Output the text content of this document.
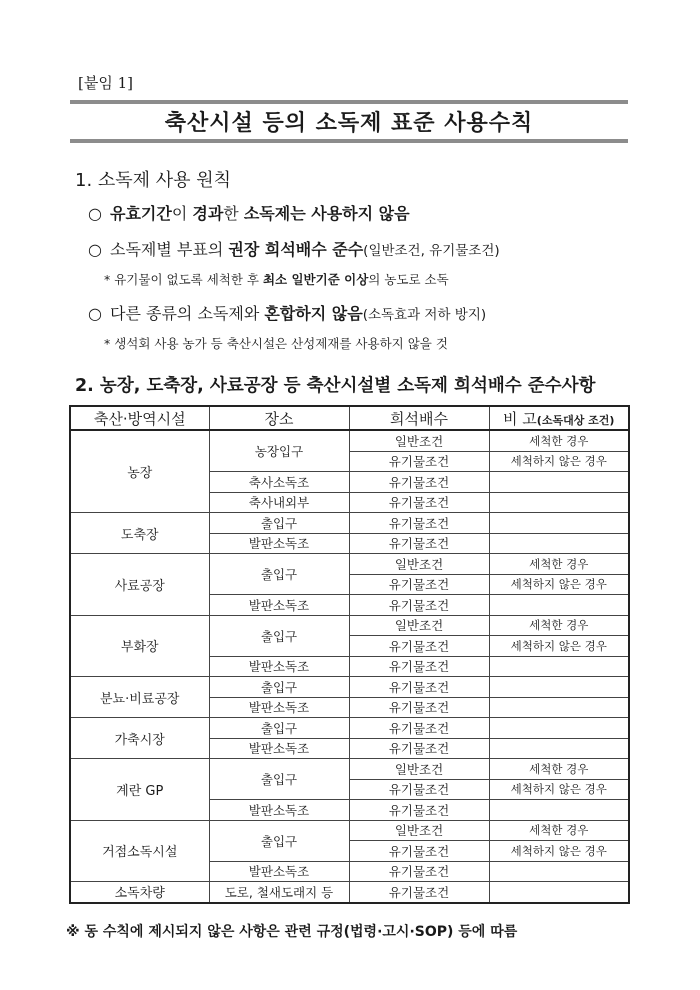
[붙임 1]
축산시설 등의 소독제 표준 사용수칙
1. 소독제 사용 원칙
○ 유효기간이 경과한 소독제는 사용하지 않음
○ 소독제별 부표의 권장 희석배수 준수(일반조건, 유기물조건)
* 유기물이 없도록 세척한 후 최소 일반기준 이상의 농도로 소독
○ 다른 종류의 소독제와 혼합하지 않음(소독효과 저하 방지)
* 생석회 사용 농가 등 축산시설은 산성제재를 사용하지 않을 것
2. 농장, 도축장, 사료공장 등 축산시설별 소독제 희석배수 준수사항
축산·방역시설	장소	희석배수	비 고(소독대상 조건)
농장	농장입구	일반조건	세척한 경우
		유기물조건	세척하지 않은 경우
	축사소독조	유기물조건	
	축사내외부	유기물조건	
도축장	출입구	유기물조건	
	발판소독조	유기물조건	
사료공장	출입구	일반조건	세척한 경우
		유기물조건	세척하지 않은 경우
	발판소독조	유기물조건	
부화장	출입구	일반조건	세척한 경우
		유기물조건	세척하지 않은 경우
	발판소독조	유기물조건	
분뇨·비료공장	출입구	유기물조건	
	발판소독조	유기물조건	
가축시장	출입구	유기물조건	
	발판소독조	유기물조건	
계란 GP	출입구	일반조건	세척한 경우
		유기물조건	세척하지 않은 경우
	발판소독조	유기물조건	
거점소독시설	출입구	일반조건	세척한 경우
		유기물조건	세척하지 않은 경우
	발판소독조	유기물조건	
소독차량	도로, 철새도래지 등	유기물조건	
※ 동 수칙에 제시되지 않은 사항은 관련 규정(법령·고시·SOP) 등에 따름
